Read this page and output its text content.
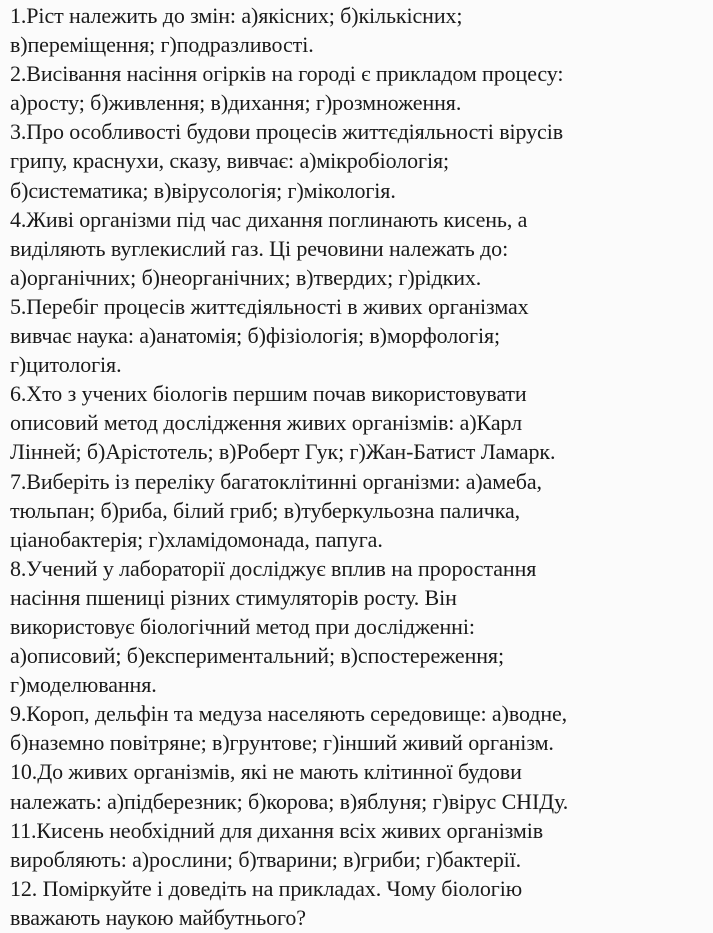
1.Ріст належить до змін: а)якісних; б)кількісних;
в)переміщення; г)подразливості.
2.Висівання насіння огірків на городі є прикладом процесу:
а)росту; б)живлення; в)дихання; г)розмноження.
3.Про особливості будови процесів життєдіяльності вірусів
грипу, краснухи, сказу, вивчає: а)мікробіологія;
б)систематика; в)вірусологія; г)мікологія.
4.Живі організми під час дихання поглинають кисень, а
виділяють вуглекислий газ. Ці речовини належать до:
а)органічних; б)неорганічних; в)твердих; г)рідких.
5.Перебіг процесів життєдіяльності в живих організмах
вивчає наука: а)анатомія; б)фізіологія; в)морфологія;
г)цитологія.
6.Хто з учених біологів першим почав використовувати
описовий метод дослідження живих організмів: а)Карл
Лінней; б)Арістотель; в)Роберт Гук; г)Жан-Батист Ламарк.
7.Виберіть із переліку багатоклітинні організми: а)амеба,
тюльпан; б)риба, білий гриб; в)туберкульозна паличка,
ціанобактерія; г)хламідомонада, папуга.
8.Учений у лабораторії досліджує вплив на проростання
насіння пшениці різних стимуляторів росту. Він
використовує біологічний метод при дослідженні:
а)описовий; б)експериментальний; в)спостереження;
г)моделювання.
9.Короп, дельфін та медуза населяють середовище: а)водне,
б)наземно повітряне; в)грунтове; г)інший живий організм.
10.До живих організмів, які не мають клітинної будови
належать: а)підберезник; б)корова; в)яблуня; г)вірус СНІДу.
11.Кисень необхідний для дихання всіх живих організмів
виробляють: а)рослини; б)тварини; в)гриби; г)бактерії.
12. Поміркуйте і доведіть на прикладах. Чому біологію
вважають наукою майбутнього?
